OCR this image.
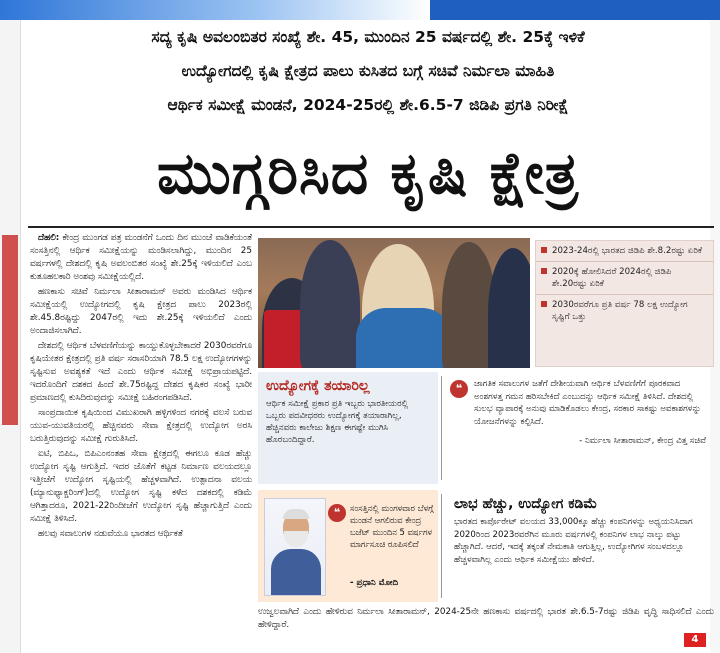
ಸದ್ಯ ಕೃಷಿ ಅವಲಂಬಿತರ ಸಂಖ್ಯೆ ಶೇ. 45, ಮುಂದಿನ 25 ವರ್ಷದಲ್ಲಿ ಶೇ. 25ಕ್ಕೆ ಇಳಿಕೆ
ಉದ್ಯೋಗದಲ್ಲಿ ಕೃಷಿ ಕ್ಷೇತ್ರದ ಪಾಲು ಕುಸಿತದ ಬಗ್ಗೆ ಸಚಿವೆ ನಿರ್ಮಲಾ ಮಾಹಿತಿ
ಆರ್ಥಿಕ ಸಮೀಕ್ಷೆ ಮಂಡನೆ, 2024-25ರಲ್ಲಿ ಶೇ.6.5-7 ಜಿಡಿಪಿ ಪ್ರಗತಿ ನಿರೀಕ್ಷೆ
ಮುಗ್ಗರಿಸಿದ ಕೃಷಿ ಕ್ಷೇತ್ರ

ದೆಹಲಿ: ಕೇಂದ್ರ ಮುಂಗಡ ಪತ್ರ ಮಂಡನೆಗೆ ಒಂದು ದಿನ ಮುಂಚೆ ವಾಡಿಕೆಯಂತೆ ಸಂಸತ್ತಿನಲ್ಲಿ ಆರ್ಥಿಕ ಸಮೀಕ್ಷೆಯನ್ನು ಮಂಡಿಸಲಾಗಿದ್ದು, ಮುಂದಿನ 25 ವರ್ಷಗಳಲ್ಲಿ ದೇಶದಲ್ಲಿ ಕೃಷಿ ಅವಲಂಬಿತರ ಸಂಖ್ಯೆ ಶೇ.25ಕ್ಕೆ ಇಳಿಯಲಿದೆ ಎಂಬ ಕುತೂಹಲಕಾರಿ ಅಂಶವು ಸಮೀಕ್ಷೆಯಲ್ಲಿದೆ.

ಹಣಕಾಸು ಸಚಿವೆ ನಿರ್ಮಲಾ ಸೀತಾರಾಮನ್ ಅವರು ಮಂಡಿಸಿದ ಆರ್ಥಿಕ ಸಮೀಕ್ಷೆಯಲ್ಲಿ ಉದ್ಯೋಗದಲ್ಲಿ ಕೃಷಿ ಕ್ಷೇತ್ರದ ಪಾಲು 2023ರಲ್ಲಿ ಶೇ.45.8ರಷ್ಟಿದ್ದು 2047ರಲ್ಲಿ ಇದು ಶೇ.25ಕ್ಕೆ ಇಳಿಯಲಿದೆ ಎಂದು ಅಂದಾಜಿಸಲಾಗಿದೆ.

ದೇಶದಲ್ಲಿ ಆರ್ಥಿಕ ಬೆಳವಣಿಗೆಯನ್ನು ಕಾಯ್ದುಕೊಳ್ಳಬೇಕಾದರೆ 2030ರವರೆಗೂ ಕೃಷಿಯೇತರ ಕ್ಷೇತ್ರದಲ್ಲಿ ಪ್ರತಿ ವರ್ಷ ಸರಾಸರಿಯಾಗಿ 78.5 ಲಕ್ಷ ಉದ್ಯೋಗಗಳನ್ನು ಸೃಷ್ಟಿಸುವ ಅವಶ್ಯಕತೆ ಇದೆ ಎಂದು ಆರ್ಥಿಕ ಸಮೀಕ್ಷೆ ಅಭಿಪ್ರಾಯಪಟ್ಟಿದೆ. ಇದರೊಂದಿಗೆ ದಶಕದ ಹಿಂದೆ ಶೇ.75ರಷ್ಟಿದ್ದ ದೇಶದ ಕೃಷಿಕರ ಸಂಖ್ಯೆ ಭಾರೀ ಪ್ರಮಾಣದಲ್ಲಿ ಕುಸಿದಿರುವುದನ್ನು ಸಮೀಕ್ಷೆ ಬಹಿರಂಗಪಡಿಸಿದೆ.

ಸಾಂಪ್ರದಾಯಿಕ ಕೃಷಿಯಿಂದ ವಿಮುಖರಾಗಿ ಹಳ್ಳಿಗಳಿಂದ ನಗರಕ್ಕೆ ವಲಸೆ ಬರುವ ಯುವ-ಯುವತಿಯರಲ್ಲಿ ಹೆಚ್ಚಿನವರು ಸೇವಾ ಕ್ಷೇತ್ರದಲ್ಲಿ ಉದ್ಯೋಗ ಅರಸಿ ಬರುತ್ತಿರುವುದನ್ನು ಸಮೀಕ್ಷೆ ಗುರುತಿಸಿದೆ.

ಐಟಿ, ಬಿಪಿಒ, ಬಿಪಿಎಂನಂತಹ ಸೇವಾ ಕ್ಷೇತ್ರದಲ್ಲಿ ಈಗಲೂ ಕೂಡ ಹೆಚ್ಚು ಉದ್ಯೋಗ ಸೃಷ್ಟಿ ಆಗುತ್ತಿದೆ. ಇದರ ಜೊತೆಗೆ ಕಟ್ಟಡ ನಿರ್ಮಾಣ ವಲಯದಲ್ಲೂ ಇತ್ತೀಚೆಗೆ ಉದ್ಯೋಗ ಸೃಷ್ಟಿಯಲ್ಲಿ ಹೆಚ್ಚಳವಾಗಿದೆ. ಉತ್ಪಾದನಾ ವಲಯ (ಮ್ಯಾನುಫ್ಯಾಕ್ಚರಿಂಗ್)ದಲ್ಲಿ ಉದ್ಯೋಗ ಸೃಷ್ಟಿ ಕಳೆದ ದಶಕದಲ್ಲಿ ಕಡಿಮೆ ಆಗಿತ್ತಾದರೂ, 2021-22ರಿಂದೀಚೆಗೆ ಉದ್ಯೋಗ ಸೃಷ್ಟಿ ಹೆಚ್ಚಾಗುತ್ತಿದೆ ಎಂದು ಸಮೀಕ್ಷೆ ತಿಳಿಸಿದೆ.

ಹಲವು ಸವಾಲುಗಳ ನಡುವೆಯೂ ಭಾರತದ ಆರ್ಥಿಕತೆ

2023-24ರಲ್ಲಿ ಭಾರತದ ಜಿಡಿಪಿ ಶೇ.8.2ರಷ್ಟು ಏರಿಕೆ
2020ಕ್ಕೆ ಹೋಲಿಸಿದರೆ 2024ರಲ್ಲಿ ಜಿಡಿಪಿ ಶೇ.20ರಷ್ಟು ಏರಿಕೆ
2030ರವರೆಗೂ ಪ್ರತಿ ವರ್ಷ 78 ಲಕ್ಷ ಉದ್ಯೋಗ ಸೃಷ್ಟಿಗೆ ಒತ್ತು
ಉದ್ಯೋಗಕ್ಕೆ ತಯಾರಿಲ್ಲ
ಆರ್ಥಿಕ ಸಮೀಕ್ಷೆ ಪ್ರಕಾರ ಪ್ರತಿ ಇಬ್ಬರು ಭಾರತೀಯರಲ್ಲಿ ಒಬ್ಬರು ಪದವೀಧರರು ಉದ್ಯೋಗಕ್ಕೆ ತಯಾರಾಗಿಲ್ಲ, ಹೆಚ್ಚಿನವರು ಕಾಲೇಜು ಶಿಕ್ಷಣ ಈಗಷ್ಟೇ ಮುಗಿಸಿ ಹೊರಬಂದಿದ್ದಾರೆ.
❝	ಜಾಗತಿಕ ಸವಾಲುಗಳ ಜತೆಗೆ ದೇಶೀಯವಾಗಿ ಆರ್ಥಿಕ ಬೆಳವಣಿಗೆಗೆ ಪೂರಕವಾದ ಅಂಶಗಳತ್ತ ಗಮನ ಹರಿಸಬೇಕಿದೆ ಎಂಬುದನ್ನು ಆರ್ಥಿಕ ಸಮೀಕ್ಷೆ ತಿಳಿಸಿದೆ. ದೇಶದಲ್ಲಿ ಸುಲಭ ವ್ಯಾಪಾರಕ್ಕೆ ಅನುವು ಮಾಡಿಕೊಡಲು ಕೇಂದ್ರ, ಸರಕಾರ ಸಾಕಷ್ಟು ಅವಕಾಶಗಳನ್ನು ಯೋಜನೆಗಳನ್ನು ಕಲ್ಪಿಸಿದೆ.
- ನಿರ್ಮಲಾ ಸೀತಾರಾಮನ್, ಕೇಂದ್ರ ವಿತ್ತ ಸಚಿವೆ
❝	ಸಂಸತ್ತಿನಲ್ಲಿ ಮಂಗಳವಾರ ಬೆಳಗ್ಗೆ ಮಂಡನೆ ಆಗಲಿರುವ ಕೇಂದ್ರ ಬಜೆಟ್ ಮುಂದಿನ 5 ವರ್ಷಗಳ ಮಾರ್ಗಸೂಚಿ ರೂಪಿಸಲಿದೆ
- ಪ್ರಧಾನಿ ಮೋದಿ
ಲಾಭ ಹೆಚ್ಚು, ಉದ್ಯೋಗ ಕಡಿಮೆ
ಭಾರತದ ಕಾರ್ಪೊರೇಟ್ ವಲಯದ 33,000ಕ್ಕೂ ಹೆಚ್ಚು ಕಂಪನಿಗಳನ್ನು ಅಧ್ಯಯನಿಸಿದಾಗ 2020ರಿಂದ 2023ರವರೆಗಿನ ಮೂರು ವರ್ಷಗಳಲ್ಲಿ ಕಂಪನಿಗಳ ಲಾಭ ನಾಲ್ಕು ಪಟ್ಟು ಹೆಚ್ಚಾಗಿದೆ. ಆದರೆ, ಇದಕ್ಕೆ ತಕ್ಕಂತೆ ನೇಮಕಾತಿ ಆಗುತ್ತಿಲ್ಲ, ಉದ್ಯೋಗಿಗಳ ಸಂಬಳದಲ್ಲೂ ಹೆಚ್ಚಳವಾಗಿಲ್ಲ ಎಂದು ಆರ್ಥಿಕ ಸಮೀಕ್ಷೆಯು ಹೇಳಿದೆ.
ಉಜ್ವಲವಾಗಿದೆ ಎಂದು ಹೇಳಿರುವ ನಿರ್ಮಲಾ ಸೀತಾರಾಮನ್, 2024-25ನೇ ಹಣಕಾಸು ವರ್ಷದಲ್ಲಿ ಭಾರತ ಶೇ.6.5-7ರಷ್ಟು ಜಿಡಿಪಿ ವೃದ್ಧಿ ಸಾಧಿಸಲಿದೆ ಎಂದು ಹೇಳಿದ್ದಾರೆ.
4
